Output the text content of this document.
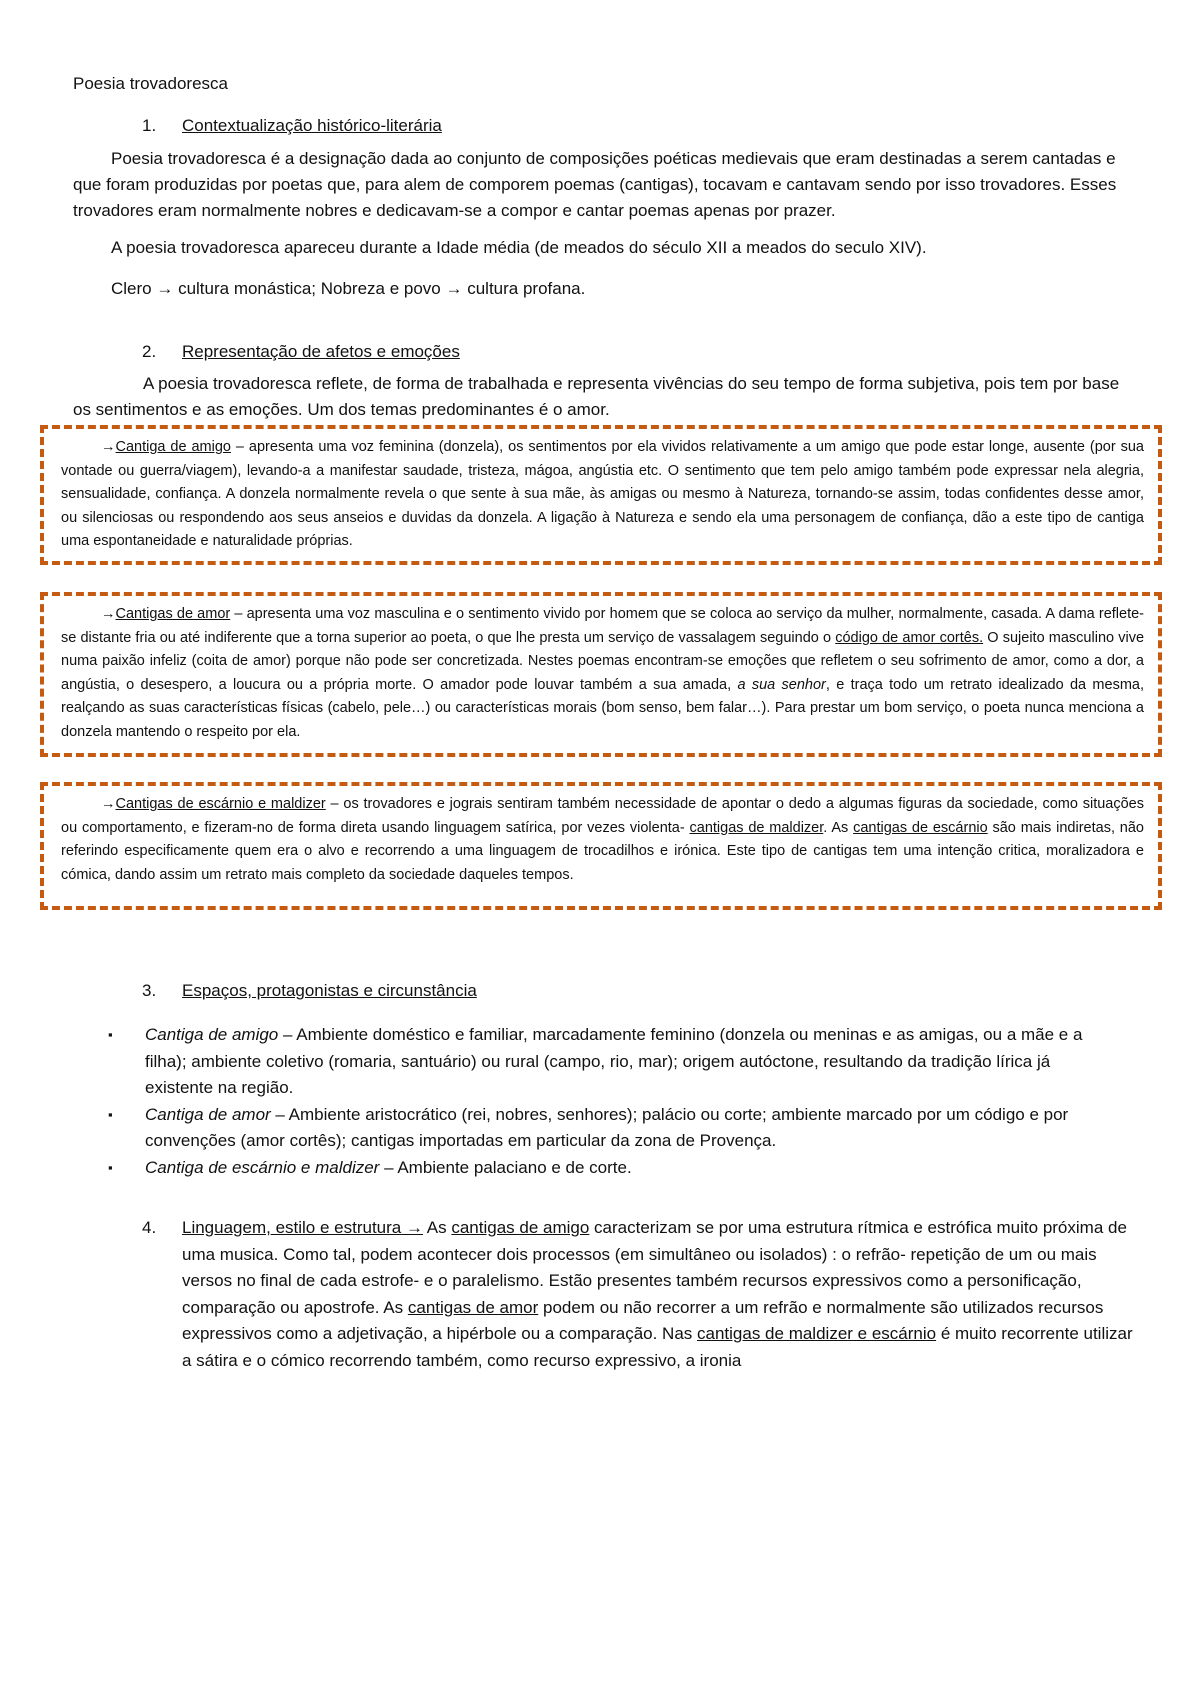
Poesia trovadoresca
1. Contextualização histórico-literária
Poesia trovadoresca é a designação dada ao conjunto de composições poéticas medievais que eram destinadas a serem cantadas e que foram produzidas por poetas que, para alem de comporem poemas (cantigas), tocavam e cantavam sendo por isso trovadores. Esses trovadores eram normalmente nobres e dedicavam-se a compor e cantar poemas apenas por prazer.
A poesia trovadoresca apareceu durante a Idade média (de meados do século XII a meados do seculo XIV).
Clero → cultura monástica; Nobreza e povo → cultura profana.
2. Representação de afetos e emoções
A poesia trovadoresca reflete, de forma de trabalhada e representa vivências do seu tempo de forma subjetiva, pois tem por base os sentimentos e as emoções. Um dos temas predominantes é o amor.

→Cantiga de amigo – apresenta uma voz feminina (donzela), os sentimentos por ela vividos relativamente a um amigo que pode estar longe, ausente (por sua vontade ou guerra/viagem), levando-a a manifestar saudade, tristeza, mágoa, angústia etc. O sentimento que tem pelo amigo também pode expressar nela alegria, sensualidade, confiança. A donzela normalmente revela o que sente à sua mãe, às amigas ou mesmo à Natureza, tornando-se assim, todas confidentes desse amor, ou silenciosas ou respondendo aos seus anseios e duvidas da donzela. A ligação à Natureza e sendo ela uma personagem de confiança, dão a este tipo de cantiga uma espontaneidade e naturalidade próprias.

→Cantigas de amor – apresenta uma voz masculina e o sentimento vivido por homem que se coloca ao serviço da mulher, normalmente, casada. A dama reflete-se distante fria ou até indiferente que a torna superior ao poeta, o que lhe presta um serviço de vassalagem seguindo o código de amor cortês. O sujeito masculino vive numa paixão infeliz (coita de amor) porque não pode ser concretizada. Nestes poemas encontram-se emoções que refletem o seu sofrimento de amor, como a dor, a angústia, o desespero, a loucura ou a própria morte. O amador pode louvar também a sua amada, a sua senhor, e traça todo um retrato idealizado da mesma, realçando as suas características físicas (cabelo, pele…) ou características morais (bom senso, bem falar…). Para prestar um bom serviço, o poeta nunca menciona a donzela mantendo o respeito por ela.

→Cantigas de escárnio e maldizer – os trovadores e jograis sentiram também necessidade de apontar o dedo a algumas figuras da sociedade, como situações ou comportamento, e fizeram-no de forma direta usando linguagem satírica, por vezes violenta- cantigas de maldizer. As cantigas de escárnio são mais indiretas, não referindo especificamente quem era o alvo e recorrendo a uma linguagem de trocadilhos e irónica. Este tipo de cantigas tem uma intenção critica, moralizadora e cómica, dando assim um retrato mais completo da sociedade daqueles tempos.

3. Espaços, protagonistas e circunstância
▪ Cantiga de amigo – Ambiente doméstico e familiar, marcadamente feminino (donzela ou meninas e as amigas, ou a mãe e a filha); ambiente coletivo (romaria, santuário) ou rural (campo, rio, mar); origem autóctone, resultando da tradição lírica já existente na região.
▪ Cantiga de amor – Ambiente aristocrático (rei, nobres, senhores); palácio ou corte; ambiente marcado por um código e por convenções (amor cortês); cantigas importadas em particular da zona de Provença.
▪ Cantiga de escárnio e maldizer – Ambiente palaciano e de corte.
4. Linguagem, estilo e estrutura → As cantigas de amigo caracterizam se por uma estrutura rítmica e estrófica muito próxima de uma musica. Como tal, podem acontecer dois processos (em simultâneo ou isolados) : o refrão- repetição de um ou mais versos no final de cada estrofe- e o paralelismo. Estão presentes também recursos expressivos como a personificação, comparação ou apostrofe. As cantigas de amor podem ou não recorrer a um refrão e normalmente são utilizados recursos expressivos como a adjetivação, a hipérbole ou a comparação. Nas cantigas de maldizer e escárnio é muito recorrente utilizar a sátira e o cómico recorrendo também, como recurso expressivo, a ironia
